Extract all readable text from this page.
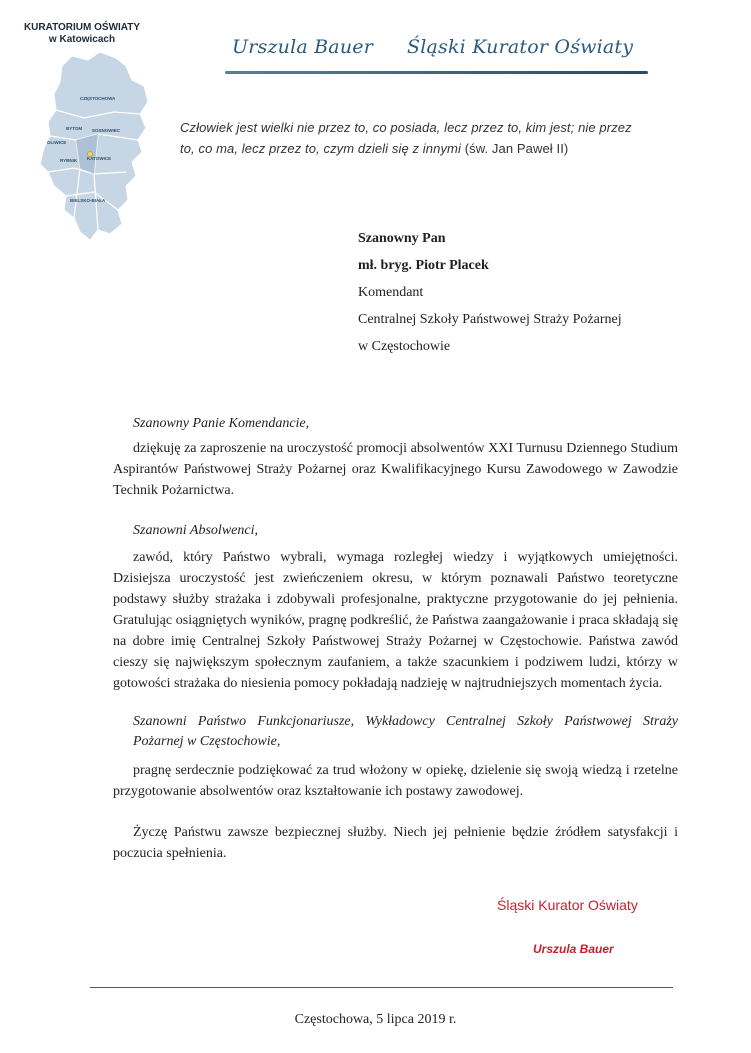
KURATORIUM OŚWIATY
w Katowicach
CZĘSTOCHOWA
BYTOM SOSNOWIEC
GLIWICE
KATOWICE
RYBNIK
BIELSKO-BIAŁA
Urszula Bauer Śląski Kurator Oświaty
Człowiek jest wielki nie przez to, co posiada, lecz przez to, kim jest; nie przez to, co ma, lecz przez to, czym dzieli się z innymi (św. Jan Paweł II)
Szanowny Pan
mł. bryg. Piotr Placek
Komendant
Centralnej Szkoły Państwowej Straży Pożarnej
w Częstochowie
Szanowny Panie Komendancie,
dziękuję za zaproszenie na uroczystość promocji absolwentów XXI Turnusu Dziennego Studium Aspirantów Państwowej Straży Pożarnej oraz Kwalifikacyjnego Kursu Zawodowego w Zawodzie Technik Pożarnictwa.
Szanowni Absolwenci,
zawód, który Państwo wybrali, wymaga rozległej wiedzy i wyjątkowych umiejętności. Dzisiejsza uroczystość jest zwieńczeniem okresu, w którym poznawali Państwo teoretyczne podstawy służby strażaka i zdobywali profesjonalne, praktyczne przygotowanie do jej pełnienia. Gratulując osiągniętych wyników, pragnę podkreślić, że Państwa zaangażowanie i praca składają się na dobre imię Centralnej Szkoły Państwowej Straży Pożarnej w Częstochowie. Państwa zawód cieszy się największym społecznym zaufaniem, a także szacunkiem i podziwem ludzi, którzy w gotowości strażaka do niesienia pomocy pokładają nadzieję w najtrudniejszych momentach życia.
Szanowni Państwo Funkcjonariusze, Wykładowcy Centralnej Szkoły Państwowej Straży Pożarnej w Częstochowie,
pragnę serdecznie podziękować za trud włożony w opiekę, dzielenie się swoją wiedzą i rzetelne przygotowanie absolwentów oraz kształtowanie ich postawy zawodowej.
Życzę Państwu zawsze bezpiecznej służby. Niech jej pełnienie będzie źródłem satysfakcji i poczucia spełnienia.
Śląski Kurator Oświaty
Urszula Bauer
Częstochowa, 5 lipca 2019 r.
